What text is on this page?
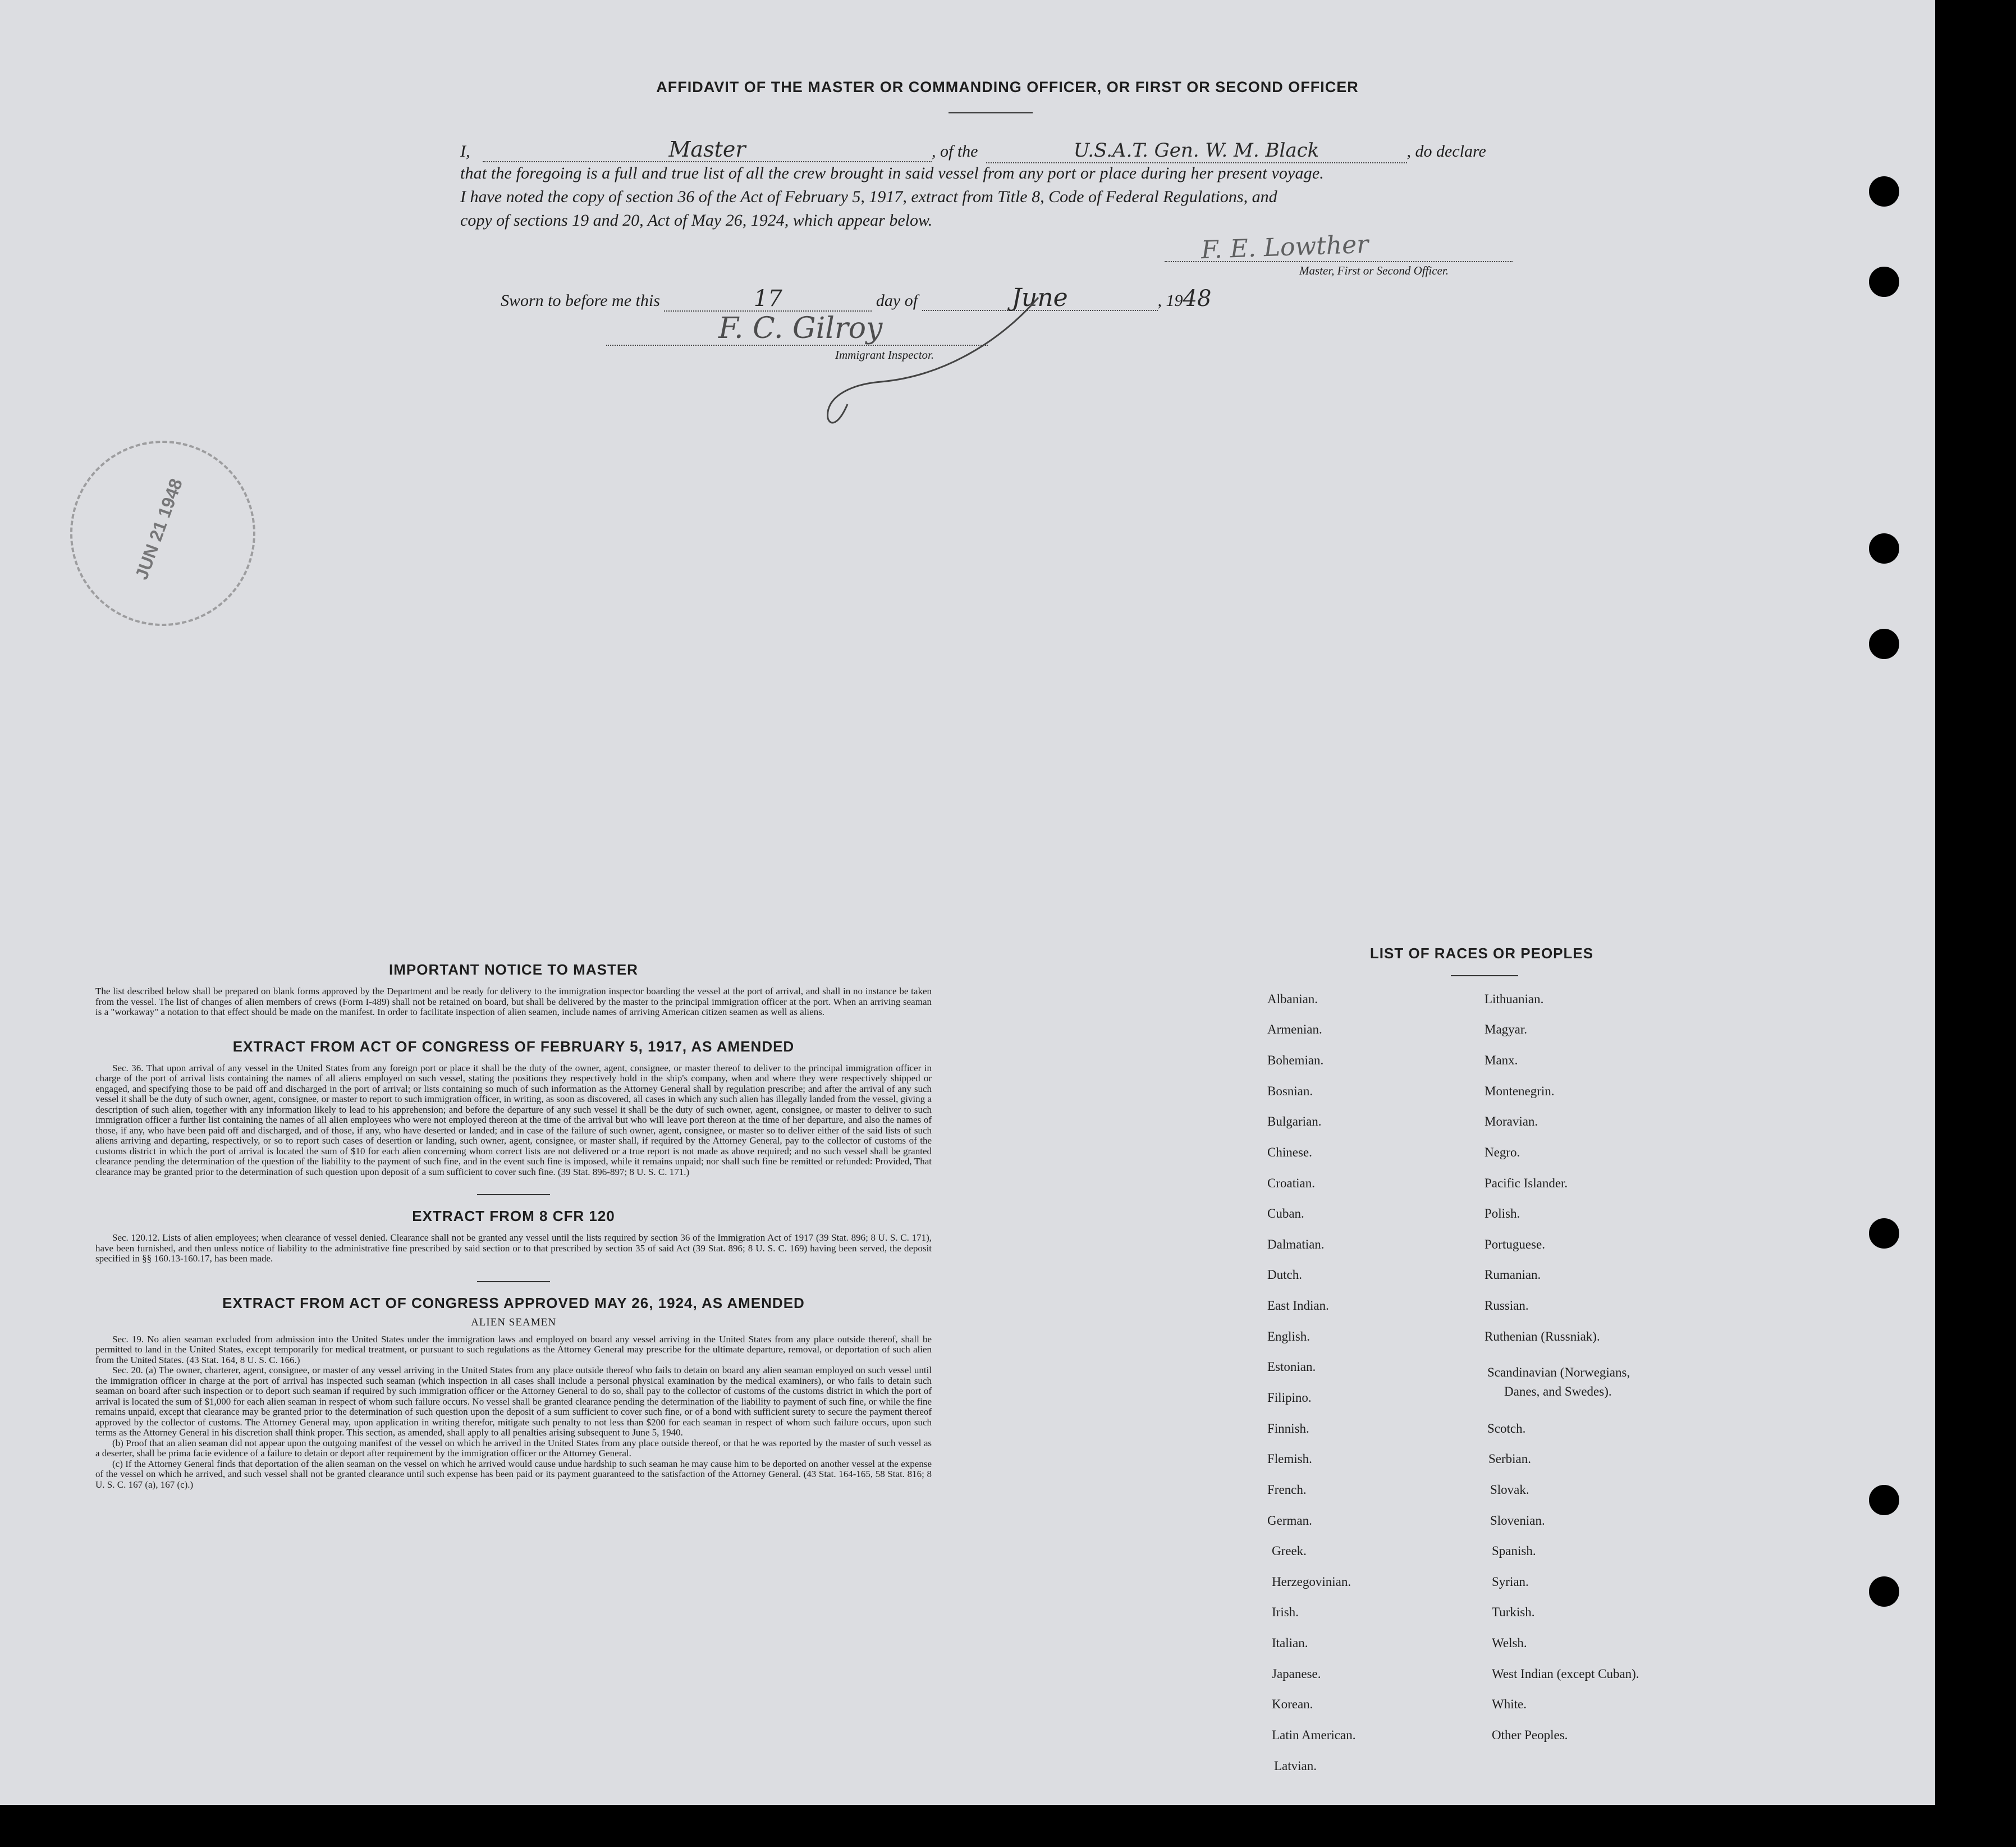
AFFIDAVIT OF THE MASTER OR COMMANDING OFFICER, OR FIRST OR SECOND OFFICER
I,	Master	, of the	U.S.A.T. Gen. W. M. Black	, do declare
that the foregoing is a full and true list of all the crew brought in said vessel from any port or place during her present voyage.
I have noted the copy of section 36 of the Act of February 5, 1917, extract from Title 8, Code of Federal Regulations, and
copy of sections 19 and 20, Act of May 26, 1924, which appear below.
F. E. Lowther
Master, First or Second Officer.
Sworn to before me this	17	day of	June	, 1948
F. C. Gilroy
Immigrant Inspector.
JUN 21 1948
IMPORTANT NOTICE TO MASTER

The list described below shall be prepared on blank forms approved by the Department and be ready for delivery to the immigration inspector boarding the vessel at the port of arrival, and shall in no instance be taken from the vessel. The list of changes of alien members of crews (Form I-489) shall not be retained on board, but shall be delivered by the master to the principal immigration officer at the port. When an arriving seaman is a "workaway" a notation to that effect should be made on the manifest. In order to facilitate inspection of alien seamen, include names of arriving American citizen seamen as well as aliens.

EXTRACT FROM ACT OF CONGRESS OF FEBRUARY 5, 1917, AS AMENDED

Sec. 36. That upon arrival of any vessel in the United States from any foreign port or place it shall be the duty of the owner, agent, consignee, or master thereof to deliver to the principal immigration officer in charge of the port of arrival lists containing the names of all aliens employed on such vessel, stating the positions they respectively hold in the ship's company, when and where they were respectively shipped or engaged, and specifying those to be paid off and discharged in the port of arrival; or lists containing so much of such information as the Attorney General shall by regulation prescribe; and after the arrival of any such vessel it shall be the duty of such owner, agent, consignee, or master to report to such immigration officer, in writing, as soon as discovered, all cases in which any such alien has illegally landed from the vessel, giving a description of such alien, together with any information likely to lead to his apprehension; and before the departure of any such vessel it shall be the duty of such owner, agent, consignee, or master to deliver to such immigration officer a further list containing the names of all alien employees who were not employed thereon at the time of the arrival but who will leave port thereon at the time of her departure, and also the names of those, if any, who have been paid off and discharged, and of those, if any, who have deserted or landed; and in case of the failure of such owner, agent, consignee, or master so to deliver either of the said lists of such aliens arriving and departing, respectively, or so to report such cases of desertion or landing, such owner, agent, consignee, or master shall, if required by the Attorney General, pay to the collector of customs of the customs district in which the port of arrival is located the sum of $10 for each alien concerning whom correct lists are not delivered or a true report is not made as above required; and no such vessel shall be granted clearance pending the determination of the question of the liability to the payment of such fine, and in the event such fine is imposed, while it remains unpaid; nor shall such fine be remitted or refunded: Provided, That clearance may be granted prior to the determination of such question upon deposit of a sum sufficient to cover such fine. (39 Stat. 896-897; 8 U. S. C. 171.)

EXTRACT FROM 8 CFR 120

Sec. 120.12. Lists of alien employees; when clearance of vessel denied. Clearance shall not be granted any vessel until the lists required by section 36 of the Immigration Act of 1917 (39 Stat. 896; 8 U. S. C. 171), have been furnished, and then unless notice of liability to the administrative fine prescribed by said section or to that prescribed by section 35 of said Act (39 Stat. 896; 8 U. S. C. 169) having been served, the deposit specified in §§ 160.13-160.17, has been made.

EXTRACT FROM ACT OF CONGRESS APPROVED MAY 26, 1924, AS AMENDED
ALIEN SEAMEN

Sec. 19. No alien seaman excluded from admission into the United States under the immigration laws and employed on board any vessel arriving in the United States from any place outside thereof, shall be permitted to land in the United States, except temporarily for medical treatment, or pursuant to such regulations as the Attorney General may prescribe for the ultimate departure, removal, or deportation of such alien from the United States. (43 Stat. 164, 8 U. S. C. 166.)

Sec. 20. (a) The owner, charterer, agent, consignee, or master of any vessel arriving in the United States from any place outside thereof who fails to detain on board any alien seaman employed on such vessel until the immigration officer in charge at the port of arrival has inspected such seaman (which inspection in all cases shall include a personal physical examination by the medical examiners), or who fails to detain such seaman on board after such inspection or to deport such seaman if required by such immigration officer or the Attorney General to do so, shall pay to the collector of customs of the customs district in which the port of arrival is located the sum of $1,000 for each alien seaman in respect of whom such failure occurs. No vessel shall be granted clearance pending the determination of the liability to payment of such fine, or while the fine remains unpaid, except that clearance may be granted prior to the determination of such question upon the deposit of a sum sufficient to cover such fine, or of a bond with sufficient surety to secure the payment thereof approved by the collector of customs. The Attorney General may, upon application in writing therefor, mitigate such penalty to not less than $200 for each seaman in respect of whom such failure occurs, upon such terms as the Attorney General in his discretion shall think proper. This section, as amended, shall apply to all penalties arising subsequent to June 5, 1940.

(b) Proof that an alien seaman did not appear upon the outgoing manifest of the vessel on which he arrived in the United States from any place outside thereof, or that he was reported by the master of such vessel as a deserter, shall be prima facie evidence of a failure to detain or deport after requirement by the immigration officer or the Attorney General.

(c) If the Attorney General finds that deportation of the alien seaman on the vessel on which he arrived would cause undue hardship to such seaman he may cause him to be deported on another vessel at the expense of the vessel on which he arrived, and such vessel shall not be granted clearance until such expense has been paid or its payment guaranteed to the satisfaction of the Attorney General. (43 Stat. 164-165, 58 Stat. 816; 8 U. S. C. 167 (a), 167 (c).)

LIST OF RACES OR PEOPLES
Albanian.
Armenian.
Bohemian.
Bosnian.
Bulgarian.
Chinese.
Croatian.
Cuban.
Dalmatian.
Dutch.
East Indian.
English.
Estonian.
Filipino.
Finnish.
Flemish.
French.
German.
Greek.
Herzegovinian.
Irish.
Italian.
Japanese.
Korean.
Latin American.
Latvian.
Lithuanian.
Magyar.
Manx.
Montenegrin.
Moravian.
Negro.
Pacific Islander.
Polish.
Portuguese.
Rumanian.
Russian.
Ruthenian (Russniak).
Scandinavian (Norwegians,
Danes, and Swedes).
Scotch.
Serbian.
Slovak.
Slovenian.
Spanish.
Syrian.
Turkish.
Welsh.
West Indian (except Cuban).
White.
Other Peoples.
